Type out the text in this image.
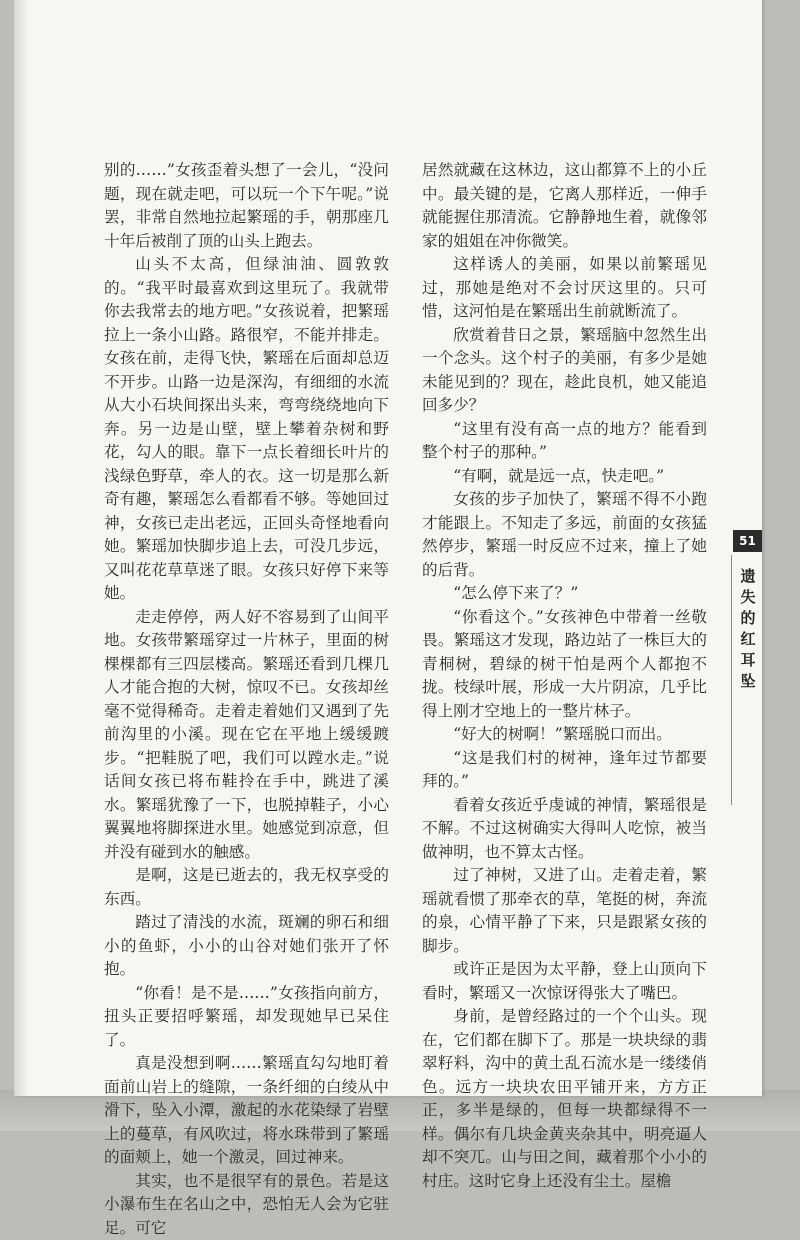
别的……”女孩歪着头想了一会儿，“没问题，现在就走吧，可以玩一个下午呢。”说罢，非常自然地拉起繁瑶的手，朝那座几十年后被削了顶的山头上跑去。

山头不太高，但绿油油、圆敦敦的。“我平时最喜欢到这里玩了。我就带你去我常去的地方吧。”女孩说着，把繁瑶拉上一条小山路。路很窄，不能并排走。女孩在前，走得飞快，繁瑶在后面却总迈不开步。山路一边是深沟，有细细的水流从大小石块间探出头来，弯弯绕绕地向下奔。另一边是山壁，壁上攀着杂树和野花，勾人的眼。靠下一点长着细长叶片的浅绿色野草，牵人的衣。这一切是那么新奇有趣，繁瑶怎么看都看不够。等她回过神，女孩已走出老远，正回头奇怪地看向她。繁瑶加快脚步追上去，可没几步远，又叫花花草草迷了眼。女孩只好停下来等她。

走走停停，两人好不容易到了山间平地。女孩带繁瑶穿过一片林子，里面的树棵棵都有三四层楼高。繁瑶还看到几棵几人才能合抱的大树，惊叹不已。女孩却丝毫不觉得稀奇。走着走着她们又遇到了先前沟里的小溪。现在它在平地上缓缓踱步。“把鞋脱了吧，我们可以蹚水走。”说话间女孩已将布鞋拎在手中，跳进了溪水。繁瑶犹豫了一下，也脱掉鞋子，小心翼翼地将脚探进水里。她感觉到凉意，但并没有碰到水的触感。

是啊，这是已逝去的，我无权享受的东西。

踏过了清浅的水流，斑斓的卵石和细小的鱼虾，小小的山谷对她们张开了怀抱。

“你看！是不是……”女孩指向前方，扭头正要招呼繁瑶，却发现她早已呆住了。

真是没想到啊……繁瑶直勾勾地盯着面前山岩上的缝隙，一条纤细的白绫从中滑下，坠入小潭，激起的水花染绿了岩壁上的蔓草，有风吹过，将水珠带到了繁瑶的面颊上，她一个激灵，回过神来。

其实，也不是很罕有的景色。若是这小瀑布生在名山之中，恐怕无人会为它驻足。可它

居然就藏在这林边，这山都算不上的小丘中。最关键的是，它离人那样近，一伸手就能握住那清流。它静静地生着，就像邻家的姐姐在冲你微笑。

这样诱人的美丽，如果以前繁瑶见过，那她是绝对不会讨厌这里的。只可惜，这河怕是在繁瑶出生前就断流了。

欣赏着昔日之景，繁瑶脑中忽然生出一个念头。这个村子的美丽，有多少是她未能见到的？现在，趁此良机，她又能追回多少？

“这里有没有高一点的地方？能看到整个村子的那种。”

“有啊，就是远一点，快走吧。”

女孩的步子加快了，繁瑶不得不小跑才能跟上。不知走了多远，前面的女孩猛然停步，繁瑶一时反应不过来，撞上了她的后背。

“怎么停下来了？”

“你看这个。”女孩神色中带着一丝敬畏。繁瑶这才发现，路边站了一株巨大的青桐树，碧绿的树干怕是两个人都抱不拢。枝绿叶展，形成一大片阴凉，几乎比得上刚才空地上的一整片林子。

“好大的树啊！”繁瑶脱口而出。

“这是我们村的树神，逢年过节都要拜的。”

看着女孩近乎虔诚的神情，繁瑶很是不解。不过这树确实大得叫人吃惊，被当做神明，也不算太古怪。

过了神树，又进了山。走着走着，繁瑶就看惯了那牵衣的草，笔挺的树，奔流的泉，心情平静了下来，只是跟紧女孩的脚步。

或许正是因为太平静，登上山顶向下看时，繁瑶又一次惊讶得张大了嘴巴。

身前，是曾经路过的一个个山头。现在，它们都在脚下了。那是一块块绿的翡翠籽料，沟中的黄土乱石流水是一缕缕俏色。远方一块块农田平铺开来，方方正正，多半是绿的，但每一块都绿得不一样。偶尔有几块金黄夹杂其中，明亮逼人却不突兀。山与田之间，藏着那个小小的村庄。这时它身上还没有尘土。屋檐

51
遗
失
的
红
耳
坠
